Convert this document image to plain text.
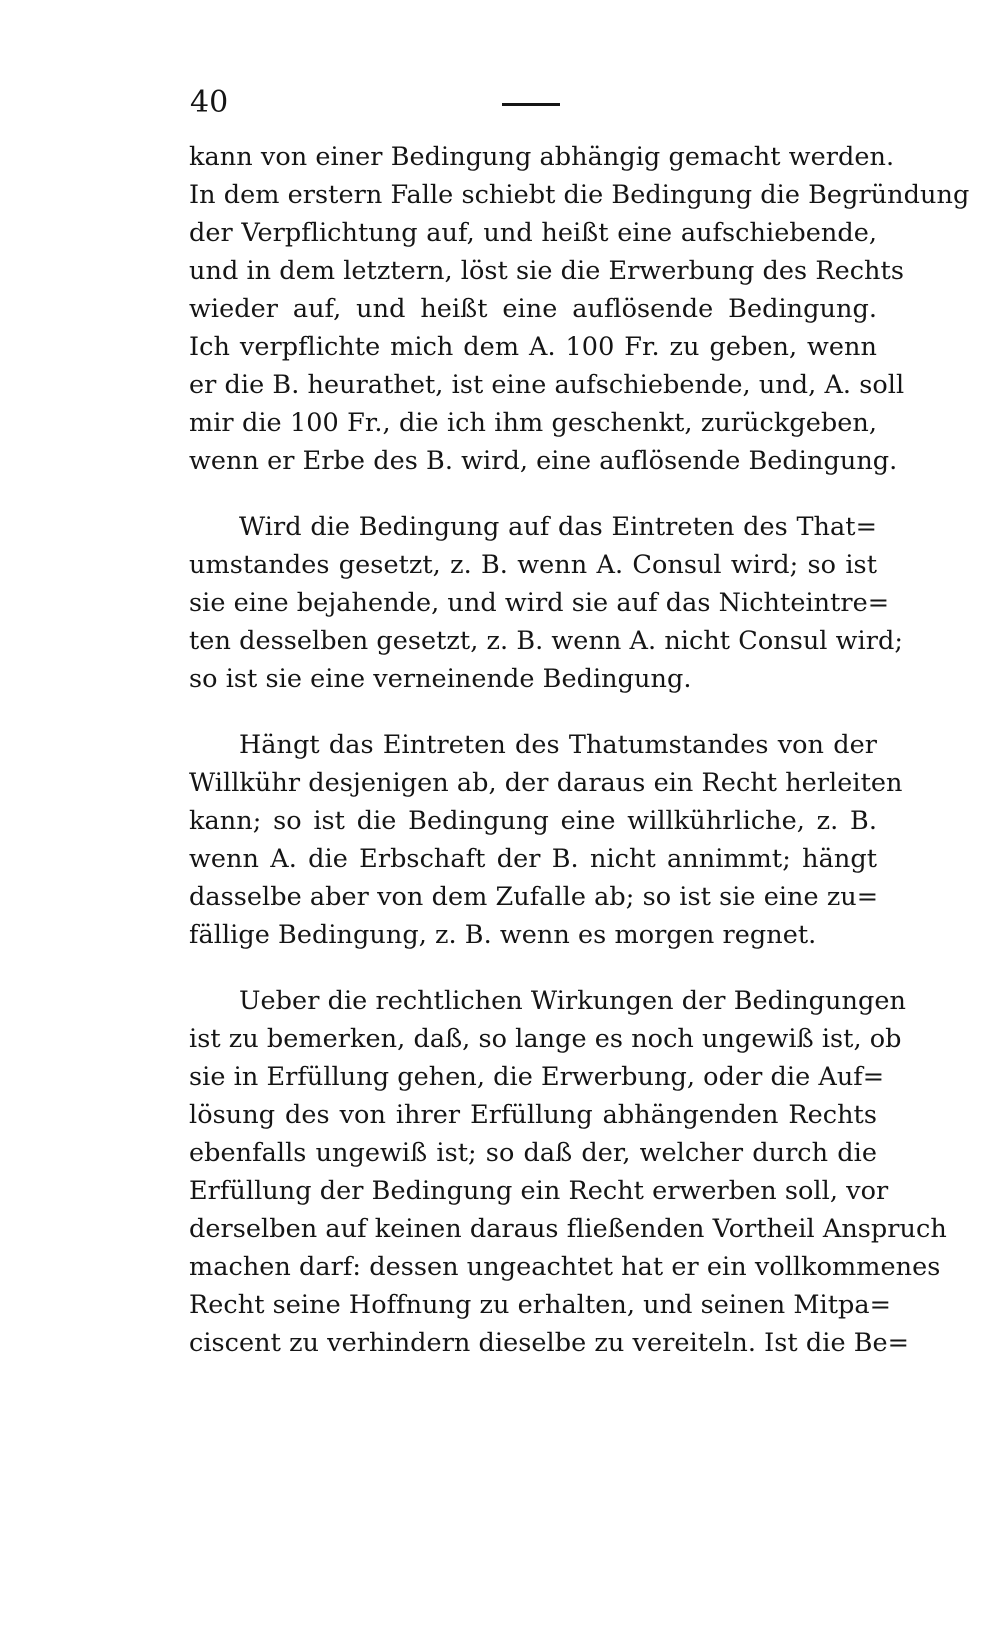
40
kann von einer Bedingung abhängig gemacht werden.
In dem erstern Falle schiebt die Bedingung die Begründung
der Verpflichtung auf, und heißt eine aufschiebende,
und in dem letztern, löst sie die Erwerbung des Rechts
wieder auf, und heißt eine auflösende Bedingung.
Ich verpflichte mich dem A. 100 Fr. zu geben, wenn
er die B. heurathet, ist eine aufschiebende, und, A. soll
mir die 100 Fr., die ich ihm geschenkt, zurückgeben,
wenn er Erbe des B. wird, eine auflösende Bedingung.
Wird die Bedingung auf das Eintreten des That=
umstandes gesetzt, z. B. wenn A. Consul wird; so ist
sie eine bejahende, und wird sie auf das Nichteintre=
ten desselben gesetzt, z. B. wenn A. nicht Consul wird;
so ist sie eine verneinende Bedingung.
Hängt das Eintreten des Thatumstandes von der
Willkühr desjenigen ab, der daraus ein Recht herleiten
kann; so ist die Bedingung eine willkührliche, z. B.
wenn A. die Erbschaft der B. nicht annimmt; hängt
dasselbe aber von dem Zufalle ab; so ist sie eine zu=
fällige Bedingung, z. B. wenn es morgen regnet.
Ueber die rechtlichen Wirkungen der Bedingungen
ist zu bemerken, daß, so lange es noch ungewiß ist, ob
sie in Erfüllung gehen, die Erwerbung, oder die Auf=
lösung des von ihrer Erfüllung abhängenden Rechts
ebenfalls ungewiß ist; so daß der, welcher durch die
Erfüllung der Bedingung ein Recht erwerben soll, vor
derselben auf keinen daraus fließenden Vortheil Anspruch
machen darf: dessen ungeachtet hat er ein vollkommenes
Recht seine Hoffnung zu erhalten, und seinen Mitpa=
ciscent zu verhindern dieselbe zu vereiteln. Ist die Be=
